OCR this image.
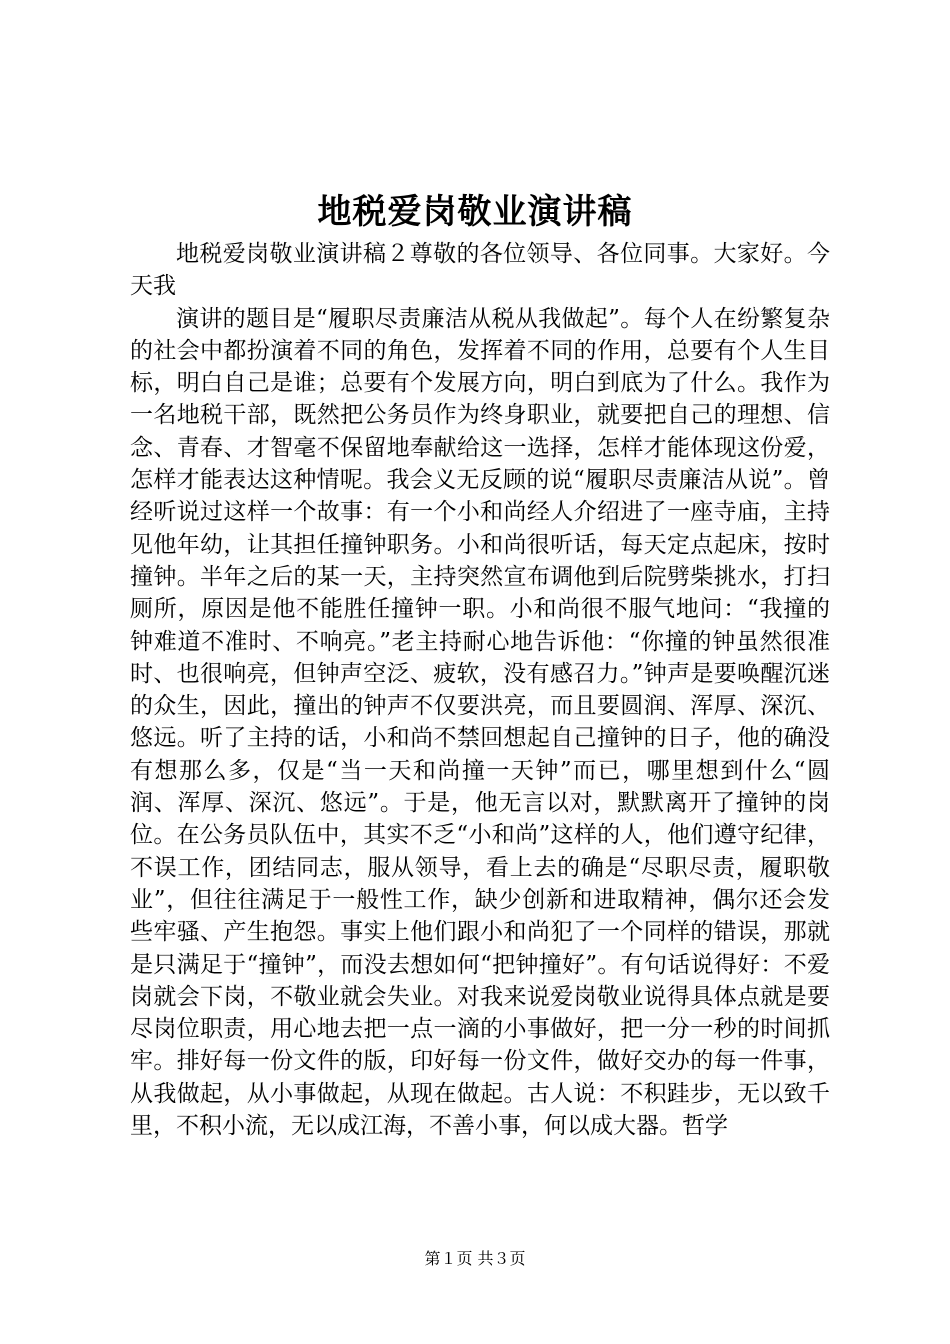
地税爱岗敬业演讲稿

地税爱岗敬业演讲稿２尊敬的各位领导、各位同事。大家好。今天我

演讲的题目是“履职尽责廉洁从税从我做起”。每个人在纷繁复杂的社会中都扮演着不同的角色，发挥着不同的作用，总要有个人生目标，明白自己是谁；总要有个发展方向，明白到底为了什么。我作为一名地税干部，既然把公务员作为终身职业，就要把自己的理想、信念、青春、才智毫不保留地奉献给这一选择，怎样才能体现这份爱，怎样才能表达这种情呢。我会义无反顾的说“履职尽责廉洁从说”。曾经听说过这样一个故事：有一个小和尚经人介绍进了一座寺庙，主持见他年幼，让其担任撞钟职务。小和尚很听话，每天定点起床，按时撞钟。半年之后的某一天，主持突然宣布调他到后院劈柴挑水，打扫厕所，原因是他不能胜任撞钟一职。小和尚很不服气地问：“我撞的钟难道不准时、不响亮。”老主持耐心地告诉他：“你撞的钟虽然很准时、也很响亮，但钟声空泛、疲软，没有感召力。”钟声是要唤醒沉迷的众生，因此，撞出的钟声不仅要洪亮，而且要圆润、浑厚、深沉、悠远。听了主持的话，小和尚不禁回想起自己撞钟的日子，他的确没有想那么多，仅是“当一天和尚撞一天钟”而已，哪里想到什么“圆润、浑厚、深沉、悠远”。于是，他无言以对，默默离开了撞钟的岗位。在公务员队伍中，其实不乏“小和尚”这样的人，他们遵守纪律，不误工作，团结同志，服从领导，看上去的确是“尽职尽责，履职敬业”，但往往满足于一般性工作，缺少创新和进取精神，偶尔还会发些牢骚、产生抱怨。事实上他们跟小和尚犯了一个同样的错误，那就是只满足于“撞钟”，而没去想如何“把钟撞好”。有句话说得好：不爱岗就会下岗，不敬业就会失业。对我来说爱岗敬业说得具体点就是要尽岗位职责，用心地去把一点一滴的小事做好，把一分一秒的时间抓牢。排好每一份文件的版，印好每一份文件，做好交办的每一件事，从我做起，从小事做起，从现在做起。古人说：不积跬步，无以致千里，不积小流，无以成江海，不善小事，何以成大器。哲学

第１页 共３页
